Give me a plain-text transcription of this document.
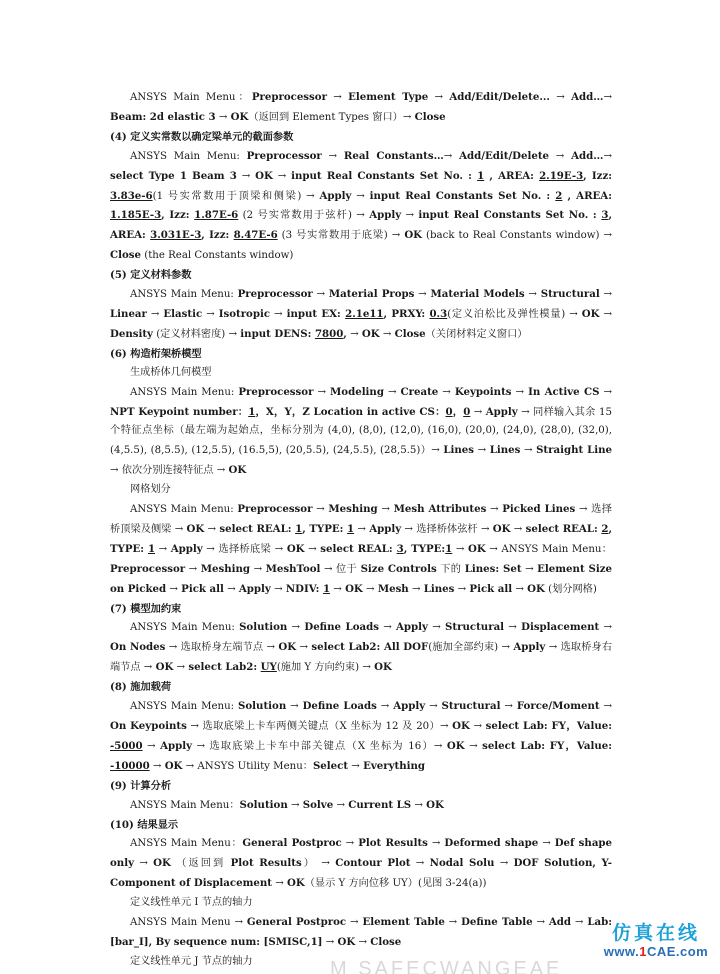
ANSYS Main Menu：Preprocessor → Element Type → Add/Edit/Delete... → Add…→ Beam: 2d elastic 3 → OK（返回到 Element Types 窗口）→ Close

(4) 定义实常数以确定梁单元的截面参数

ANSYS Main Menu: Preprocessor → Real Constants…→ Add/Edit/Delete → Add…→ select Type 1 Beam 3 → OK → input Real Constants Set No. : 1 , AREA: 2.19E-3, Izz: 3.83e-6(1 号实常数用于顶梁和侧梁) → Apply → input Real Constants Set No. : 2 , AREA: 1.185E-3, Izz: 1.87E-6 (2 号实常数用于弦杆) → Apply → input Real Constants Set No. : 3, AREA: 3.031E-3, Izz: 8.47E-6 (3 号实常数用于底梁) → OK (back to Real Constants window) → Close (the Real Constants window)

(5) 定义材料参数

ANSYS Main Menu: Preprocessor → Material Props → Material Models → Structural → Linear → Elastic → Isotropic → input EX: 2.1e11, PRXY: 0.3(定义泊松比及弹性模量) → OK → Density (定义材料密度) → input DENS: 7800, → OK → Close（关闭材料定义窗口）

(6) 构造桁架桥模型

生成桥体几何模型

ANSYS Main Menu: Preprocessor → Modeling → Create → Keypoints → In Active CS → NPT Keypoint number：1，X，Y，Z Location in active CS：0，0 → Apply → 同样输入其余 15 个特征点坐标（最左端为起始点，坐标分别为 (4,0), (8,0), (12,0), (16,0), (20,0), (24,0), (28,0), (32,0), (4,5.5), (8,5.5), (12,5.5), (16.5,5), (20,5.5), (24,5.5), (28,5.5)）→ Lines → Lines → Straight Line → 依次分别连接特征点 → OK

网格划分

ANSYS Main Menu: Preprocessor → Meshing → Mesh Attributes → Picked Lines → 选择桥顶梁及侧梁 → OK → select REAL: 1, TYPE: 1 → Apply → 选择桥体弦杆 → OK → select REAL: 2, TYPE: 1 → Apply → 选择桥底梁 → OK → select REAL: 3, TYPE:1 → OK → ANSYS Main Menu：Preprocessor → Meshing → MeshTool → 位于 Size Controls 下的 Lines: Set → Element Size on Picked → Pick all → Apply → NDIV: 1 → OK → Mesh → Lines → Pick all → OK (划分网格)

(7) 模型加约束

ANSYS Main Menu: Solution → Define Loads → Apply → Structural → Displacement → On Nodes → 选取桥身左端节点 → OK → select Lab2: All DOF(施加全部约束) → Apply → 选取桥身右端节点 → OK → select Lab2: UY(施加 Y 方向约束) → OK

(8) 施加载荷

ANSYS Main Menu: Solution → Define Loads → Apply → Structural → Force/Moment → On Keypoints → 选取底梁上卡车两侧关键点（X 坐标为 12 及 20）→ OK → select Lab: FY，Value: -5000 → Apply → 选取底梁上卡车中部关键点（X 坐标为 16）→ OK → select Lab: FY，Value: -10000 → OK → ANSYS Utility Menu：Select → Everything

(9) 计算分析

ANSYS Main Menu：Solution → Solve → Current LS → OK

(10) 结果显示

ANSYS Main Menu：General Postproc → Plot Results → Deformed shape → Def shape only → OK （返回到 Plot Results） → Contour Plot → Nodal Solu → DOF Solution, Y-Component of Displacement → OK（显示 Y 方向位移 UY）(见图 3-24(a))

定义线性单元 I 节点的轴力

ANSYS Main Menu → General Postproc → Element Table → Define Table → Add → Lab: [bar_I], By sequence num: [SMISC,1] → OK → Close

定义线性单元 J 节点的轴力	M SAFECWANGEAE
仿真在线
www.1CAE.com
